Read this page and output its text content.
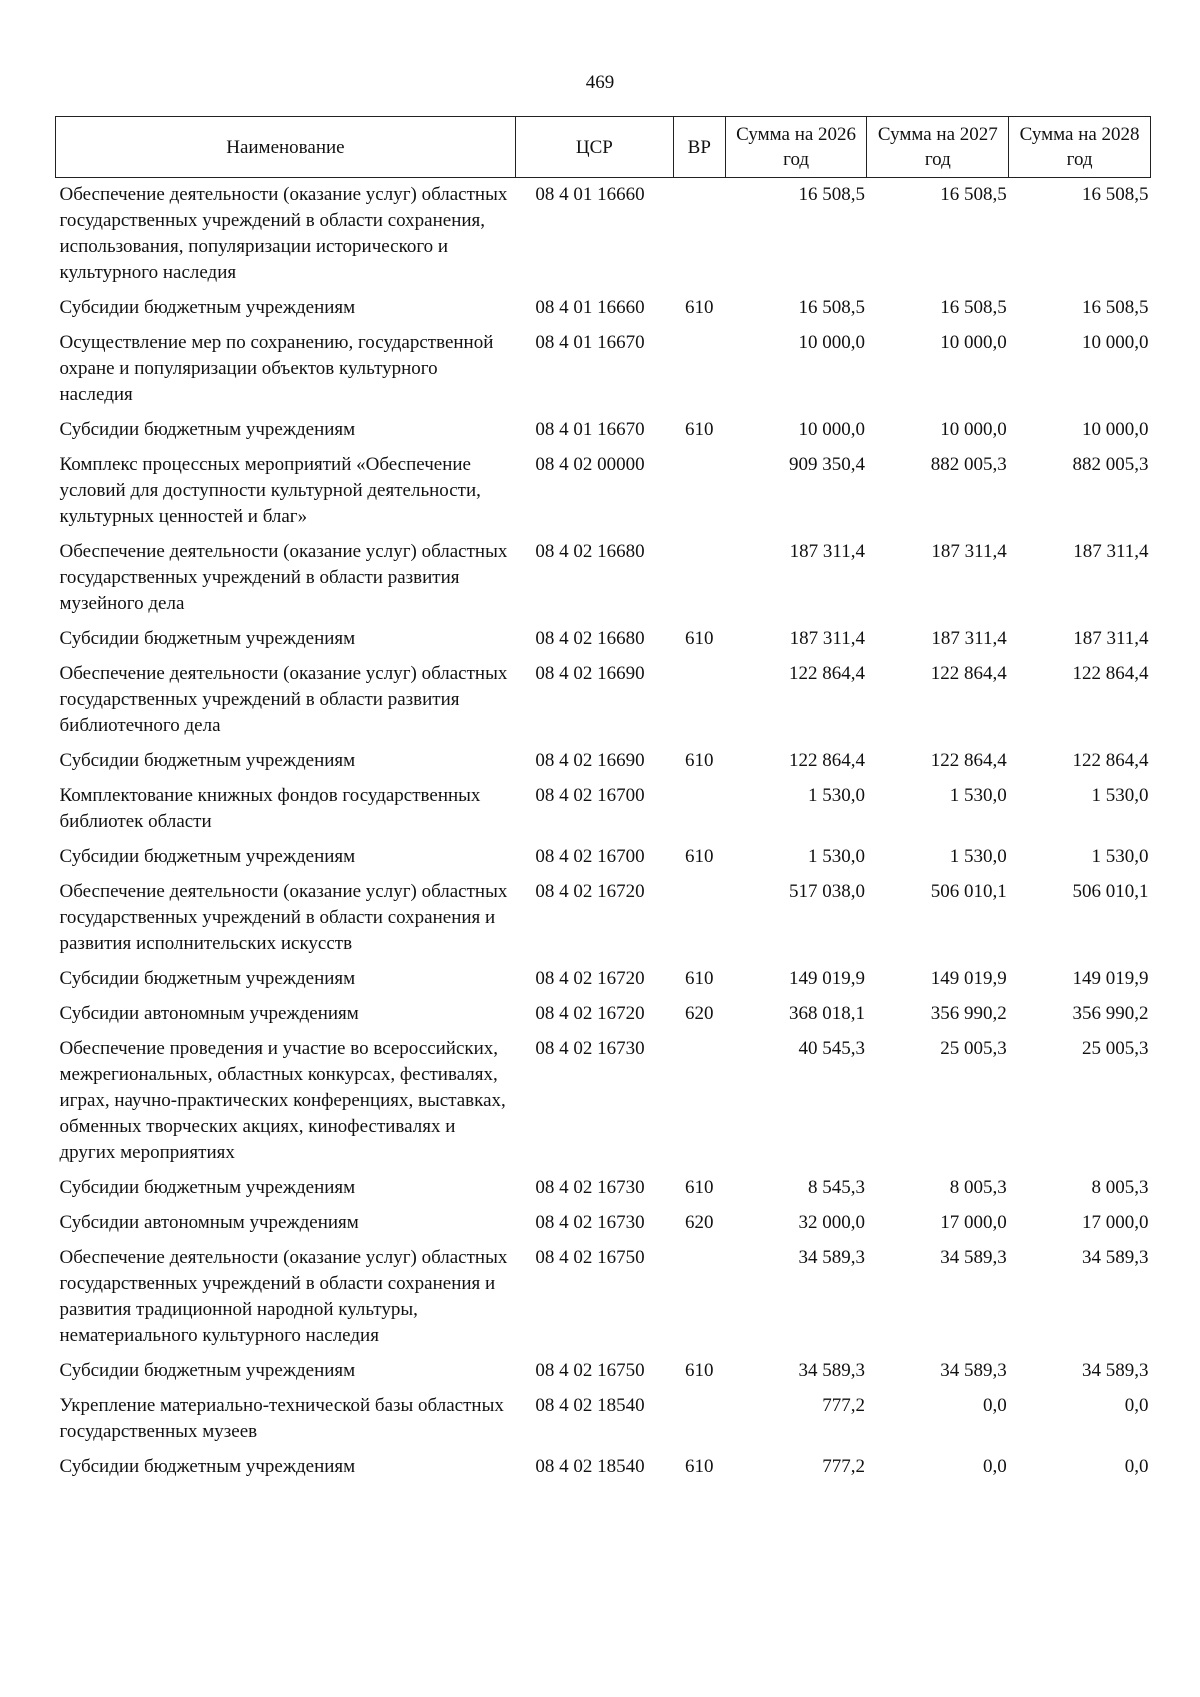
469
Наименование	ЦСР	ВР	Сумма на 2026 год	Сумма на 2027 год	Сумма на 2028 год
Обеспечение деятельности (оказание услуг) областных государственных учреждений в области сохранения, использования, популяризации исторического и культурного наследия	08 4 01 16660		16 508,5	16 508,5	16 508,5
Субсидии бюджетным учреждениям	08 4 01 16660	610	16 508,5	16 508,5	16 508,5
Осуществление мер по сохранению, государственной охране и популяризации объектов культурного наследия	08 4 01 16670		10 000,0	10 000,0	10 000,0
Субсидии бюджетным учреждениям	08 4 01 16670	610	10 000,0	10 000,0	10 000,0
Комплекс процессных мероприятий «Обеспечение условий для доступности культурной деятельности, культурных ценностей и благ»	08 4 02 00000		909 350,4	882 005,3	882 005,3
Обеспечение деятельности (оказание услуг) областных государственных учреждений в области развития музейного дела	08 4 02 16680		187 311,4	187 311,4	187 311,4
Субсидии бюджетным учреждениям	08 4 02 16680	610	187 311,4	187 311,4	187 311,4
Обеспечение деятельности (оказание услуг) областных государственных учреждений в области развития библиотечного дела	08 4 02 16690		122 864,4	122 864,4	122 864,4
Субсидии бюджетным учреждениям	08 4 02 16690	610	122 864,4	122 864,4	122 864,4
Комплектование книжных фондов государственных библиотек области	08 4 02 16700		1 530,0	1 530,0	1 530,0
Субсидии бюджетным учреждениям	08 4 02 16700	610	1 530,0	1 530,0	1 530,0
Обеспечение деятельности (оказание услуг) областных государственных учреждений в области сохранения и развития исполнительских искусств	08 4 02 16720		517 038,0	506 010,1	506 010,1
Субсидии бюджетным учреждениям	08 4 02 16720	610	149 019,9	149 019,9	149 019,9
Субсидии автономным учреждениям	08 4 02 16720	620	368 018,1	356 990,2	356 990,2
Обеспечение проведения и участие во всероссийских, межрегиональных, областных конкурсах, фестивалях, играх, научно-практических конференциях, выставках, обменных творческих акциях, кинофестивалях и других мероприятиях	08 4 02 16730		40 545,3	25 005,3	25 005,3
Субсидии бюджетным учреждениям	08 4 02 16730	610	8 545,3	8 005,3	8 005,3
Субсидии автономным учреждениям	08 4 02 16730	620	32 000,0	17 000,0	17 000,0
Обеспечение деятельности (оказание услуг) областных государственных учреждений в области сохранения и развития традиционной народной культуры, нематериального культурного наследия	08 4 02 16750		34 589,3	34 589,3	34 589,3
Субсидии бюджетным учреждениям	08 4 02 16750	610	34 589,3	34 589,3	34 589,3
Укрепление материально-технической базы областных государственных музеев	08 4 02 18540		777,2	0,0	0,0
Субсидии бюджетным учреждениям	08 4 02 18540	610	777,2	0,0	0,0
